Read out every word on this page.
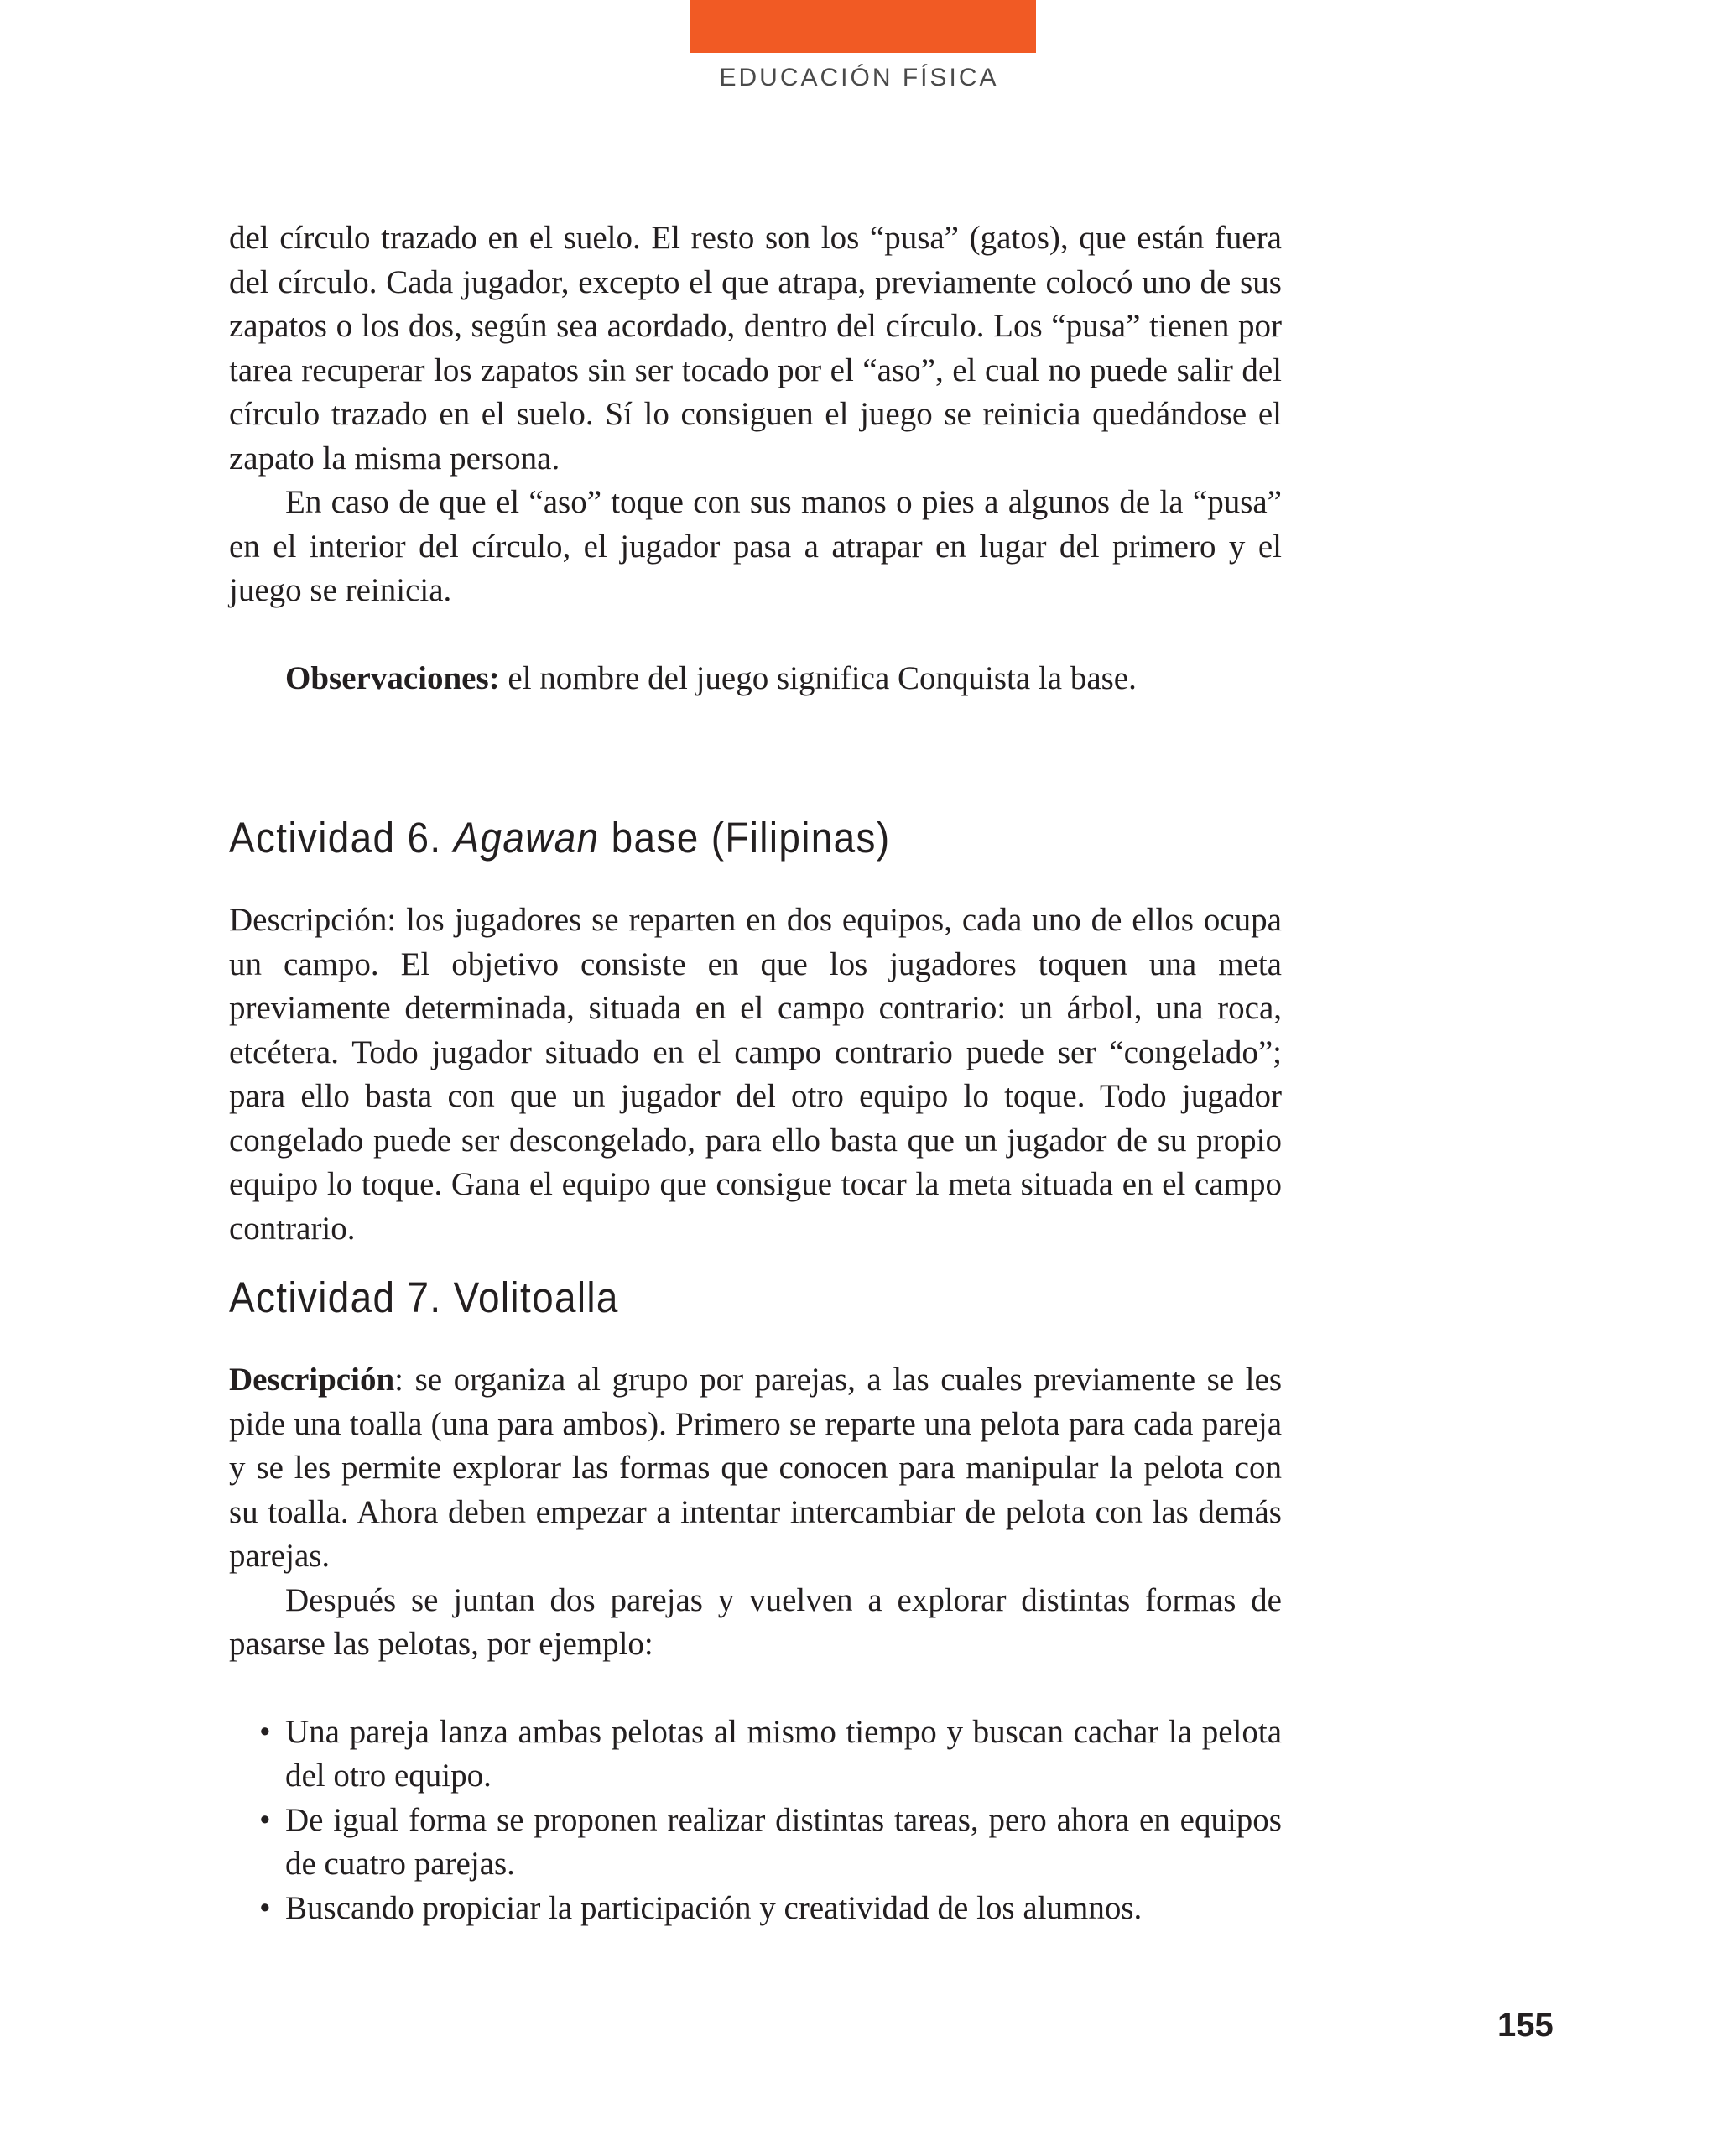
EDUCACIÓN FÍSICA

del círculo trazado en el suelo. El resto son los “pusa” (gatos), que están fuera del círculo. Cada jugador, excepto el que atrapa, previamente colocó uno de sus zapatos o los dos, según sea acordado, dentro del círculo. Los “pusa” tienen por tarea recuperar los zapatos sin ser tocado por el “aso”, el cual no puede salir del círculo trazado en el suelo. Sí lo consiguen el juego se reinicia quedándose el zapato la misma persona.

En caso de que el “aso” toque con sus manos o pies a algunos de la “pusa” en el interior del círculo, el jugador pasa a atrapar en lugar del primero y el juego se reinicia.

Observaciones: el nombre del juego significa Conquista la base.

Actividad 6. Agawan base (Filipinas)

Descripción: los jugadores se reparten en dos equipos, cada uno de ellos ocupa un campo. El objetivo consiste en que los jugadores toquen una meta previamente determinada, situada en el campo contrario: un árbol, una roca, etcétera. Todo jugador situado en el campo contrario puede ser “congelado”; para ello basta con que un jugador del otro equipo lo toque. Todo jugador congelado puede ser descongelado, para ello basta que un jugador de su propio equipo lo toque. Gana el equipo que consigue tocar la meta situada en el campo contrario.

Actividad 7. Volitoalla

Descripción: se organiza al grupo por parejas, a las cuales previamente se les pide una toalla (una para ambos). Primero se reparte una pelota para cada pareja y se les permite explorar las formas que conocen para manipular la pelota con su toalla. Ahora deben empezar a intentar intercambiar de pelota con las demás parejas.

Después se juntan dos parejas y vuelven a explorar distintas formas de pasarse las pelotas, por ejemplo:

• Una pareja lanza ambas pelotas al mismo tiempo y buscan cachar la pelota del otro equipo.
• De igual forma se proponen realizar distintas tareas, pero ahora en equipos de cuatro parejas.
• Buscando propiciar la participación y creatividad de los alumnos.
155
